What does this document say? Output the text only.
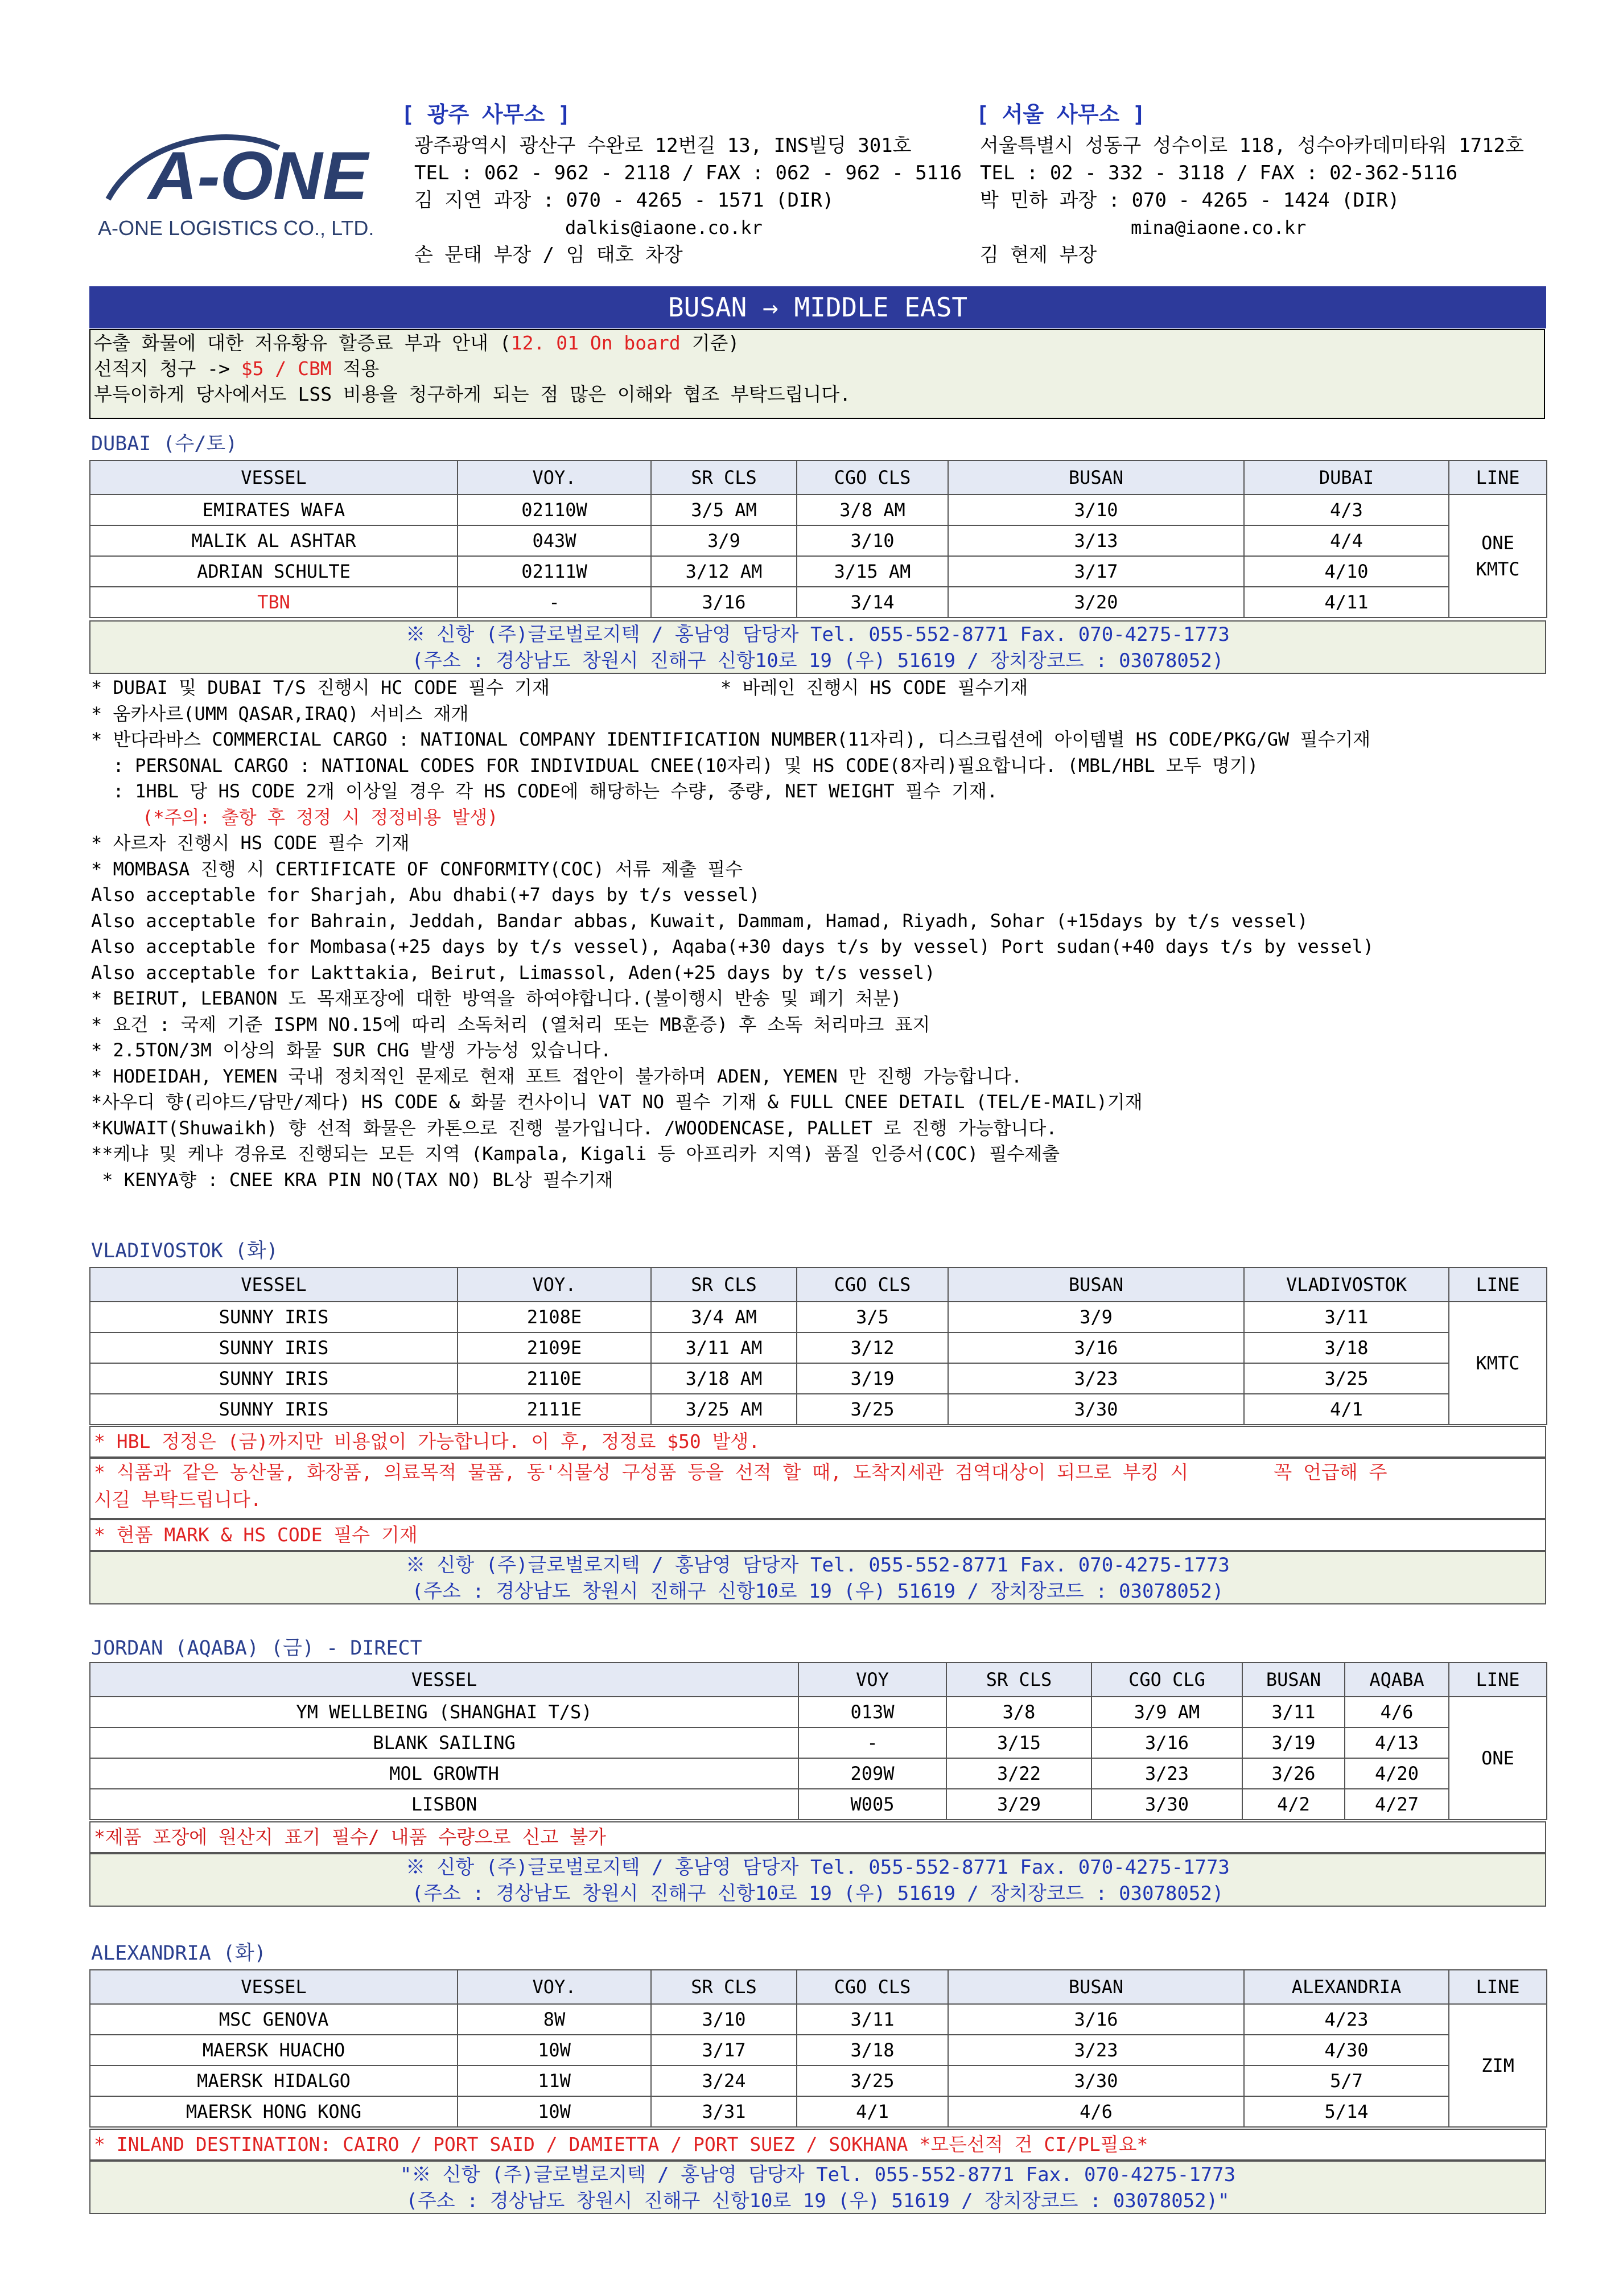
A-ONE
A-ONE LOGISTICS CO., LTD.
[ 광주 사무소 ]
광주광역시 광산구 수완로 12번길 13, INS빌딩 301호
TEL : 062 - 962 - 2118 / FAX : 062 - 962 - 5116
김 지연 과장 : 070 - 4265 - 1571 (DIR)
dalkis@iaone.co.kr
손 문태 부장 / 임 태호 차장
[ 서울 사무소 ]
서울특별시 성동구 성수이로 118, 성수아카데미타워 1712호
TEL : 02 - 332 - 3118 / FAX : 02-362-5116
박 민하 과장 : 070 - 4265 - 1424 (DIR)
mina@iaone.co.kr
김 현제 부장
BUSAN → MIDDLE EAST
수출 화물에 대한 저유황유 할증료 부과 안내 (12. 01 On board 기준)
선적지 청구 -> $5 / CBM 적용
부득이하게 당사에서도 LSS 비용을 청구하게 되는 점 많은 이해와 협조 부탁드립니다.
DUBAI (수/토)
VESSEL	VOY.	SR CLS	CGO CLS	BUSAN	DUBAI	LINE
EMIRATES WAFA	02110W	3/5 AM	3/8 AM	3/10	4/3	ONE KMTC

MALIK AL ASHTAR	043W	3/9	3/10	3/13	4/4	
ADRIAN SCHULTE	02111W	3/12 AM	3/15 AM	3/17	4/10	
TBN	-	3/16	3/14	3/20	4/11	
※ 신항 (주)글로벌로지텍 / 홍남영 담당자 Tel. 055-552-8771 Fax. 070-4275-1773
(주소 : 경상남도 창원시 진해구 신항10로 19 (우) 51619 / 장치장코드 : 03078052)
* DUBAI 및 DUBAI T/S 진행시 HC CODE 필수 기재	* 바레인 진행시 HS CODE 필수기재
* 움카사르(UMM QASAR,IRAQ) 서비스 재개
* 반다라바스 COMMERCIAL CARGO : NATIONAL COMPANY IDENTIFICATION NUMBER(11자리), 디스크립션에 아이템별 HS CODE/PKG/GW 필수기재
: PERSONAL CARGO : NATIONAL CODES FOR INDIVIDUAL CNEE(10자리) 및 HS CODE(8자리)필요합니다. (MBL/HBL 모두 명기)
: 1HBL 당 HS CODE 2개 이상일 경우 각 HS CODE에 해당하는 수량, 중량, NET WEIGHT 필수 기재.
(*주의: 출항 후 정정 시 정정비용 발생)
* 사르자 진행시 HS CODE 필수 기재
* MOMBASA 진행 시 CERTIFICATE OF CONFORMITY(COC) 서류 제출 필수
Also acceptable for Sharjah, Abu dhabi(+7 days by t/s vessel)
Also acceptable for Bahrain, Jeddah, Bandar abbas, Kuwait, Dammam, Hamad, Riyadh, Sohar (+15days by t/s vessel)
Also acceptable for Mombasa(+25 days by t/s vessel), Aqaba(+30 days t/s by vessel) Port sudan(+40 days t/s by vessel)
Also acceptable for Lakttakia, Beirut, Limassol, Aden(+25 days by t/s vessel)
* BEIRUT, LEBANON 도 목재포장에 대한 방역을 하여야합니다.(불이행시 반송 및 폐기 처분)
* 요건 : 국제 기준 ISPM NO.15에 따리 소독처리 (열처리 또는 MB훈증) 후 소독 처리마크 표지
* 2.5TON/3M 이상의 화물 SUR CHG 발생 가능성 있습니다.
* HODEIDAH, YEMEN 국내 정치적인 문제로 현재 포트 접안이 불가하며 ADEN, YEMEN 만 진행 가능합니다.
*사우디 향(리야드/담만/제다) HS CODE & 화물 컨사이니 VAT NO 필수 기재 & FULL CNEE DETAIL (TEL/E-MAIL)기재
*KUWAIT(Shuwaikh) 향 선적 화물은 카톤으로 진행 불가입니다. /WOODENCASE, PALLET 로 진행 가능합니다.
**케냐 및 케냐 경유로 진행되는 모든 지역 (Kampala, Kigali 등 아프리카 지역) 품질 인증서(COC) 필수제출
* KENYA향 : CNEE KRA PIN NO(TAX NO) BL상 필수기재
VLADIVOSTOK (화)
VESSEL	VOY.	SR CLS	CGO CLS	BUSAN	VLADIVOSTOK	LINE
SUNNY IRIS	2108E	3/4 AM	3/5	3/9	3/11	KMTC
SUNNY IRIS	2109E	3/11 AM	3/12	3/16	3/18	
SUNNY IRIS	2110E	3/18 AM	3/19	3/23	3/25	
SUNNY IRIS	2111E	3/25 AM	3/25	3/30	4/1	
* HBL 정정은 (금)까지만 비용없이 가능합니다. 이 후, 정정료 $50 발생.
* 식품과 같은 농산물, 화장품, 의료목적 물품, 동'식물성 구성품 등을 선적 할 때, 도착지세관 검역대상이 되므로 부킹 시	꼭 언급해 주
시길 부탁드립니다.
* 현품 MARK & HS CODE 필수 기재
※ 신항 (주)글로벌로지텍 / 홍남영 담당자 Tel. 055-552-8771 Fax. 070-4275-1773
(주소 : 경상남도 창원시 진해구 신항10로 19 (우) 51619 / 장치장코드 : 03078052)
JORDAN (AQABA) (금) - DIRECT
VESSEL	VOY	SR CLS	CGO CLG	BUSAN	AQABA	LINE
YM WELLBEING (SHANGHAI T/S)	013W	3/8	3/9 AM	3/11	4/6	ONE
BLANK SAILING	-	3/15	3/16	3/19	4/13	
MOL GROWTH	209W	3/22	3/23	3/26	4/20	
LISBON	W005	3/29	3/30	4/2	4/27	
*제품 포장에 원산지 표기 필수/ 내품 수량으로 신고 불가
※ 신항 (주)글로벌로지텍 / 홍남영 담당자 Tel. 055-552-8771 Fax. 070-4275-1773
(주소 : 경상남도 창원시 진해구 신항10로 19 (우) 51619 / 장치장코드 : 03078052)
ALEXANDRIA (화)
VESSEL	VOY.	SR CLS	CGO CLS	BUSAN	ALEXANDRIA	LINE
MSC GENOVA	8W	3/10	3/11	3/16	4/23	ZIM
MAERSK HUACHO	10W	3/17	3/18	3/23	4/30	
MAERSK HIDALGO	11W	3/24	3/25	3/30	5/7	
MAERSK HONG KONG	10W	3/31	4/1	4/6	5/14	
* INLAND DESTINATION: CAIRO / PORT SAID / DAMIETTA / PORT SUEZ / SOKHANA *모든선적 건 CI/PL필요*
"※ 신항 (주)글로벌로지텍 / 홍남영 담당자 Tel. 055-552-8771 Fax. 070-4275-1773
(주소 : 경상남도 창원시 진해구 신항10로 19 (우) 51619 / 장치장코드 : 03078052)"
